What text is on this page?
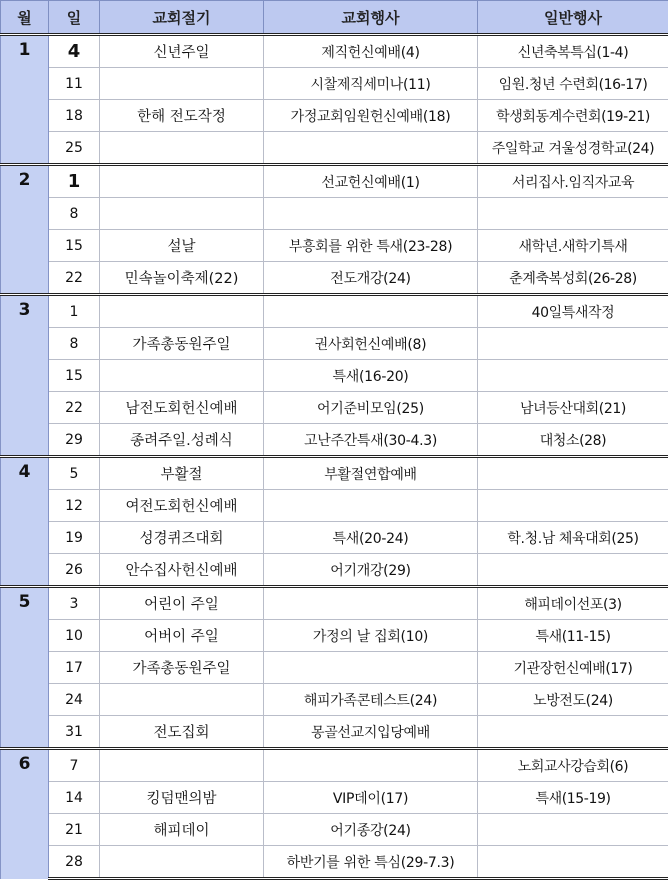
월	일	교회절기	교회행사	일반행사
1	4	신년주일	제직헌신예배(4)	신년축복특십(1-4)
	11		시찰제직세미나(11)	임원.청년 수련회(16-17)
	18	한해 전도작정	가정교회임원헌신예배(18)	학생회동계수련회(19-21)
	25			주일학교 겨울성경학교(24)
2	1		선교헌신예배(1)	서리집사.임직자교육
	8			
	15	설날	부흥회를 위한 특새(23-28)	새학년.새학기특새
	22	민속놀이축제(22)	전도개강(24)	춘계축복성회(26-28)
3	1			40일특새작정
	8	가족총동원주일	권사회헌신예배(8)	
	15		특새(16-20)	
	22	남전도회헌신예배	어기준비모임(25)	남녀등산대회(21)
	29	종려주일.성례식	고난주간특새(30-4.3)	대청소(28)
4	5	부활절	부활절연합예배	
	12	여전도회헌신예배		
	19	성경퀴즈대회	특새(20-24)	학.청.남 체육대회(25)
	26	안수집사헌신예배	어기개강(29)	
5	3	어린이 주일		해피데이선포(3)
	10	어버이 주일	가정의 날 집회(10)	특새(11-15)
	17	가족총동원주일		기관장헌신예배(17)
	24		해피가족콘테스트(24)	노방전도(24)
	31	전도집회	몽골선교지입당예배	
6	7			노회교사강습회(6)
	14	킹덤맨의밤	VIP데이(17)	특새(15-19)
	21	해피데이	어기종강(24)	
	28		하반기를 위한 특심(29-7.3)	
